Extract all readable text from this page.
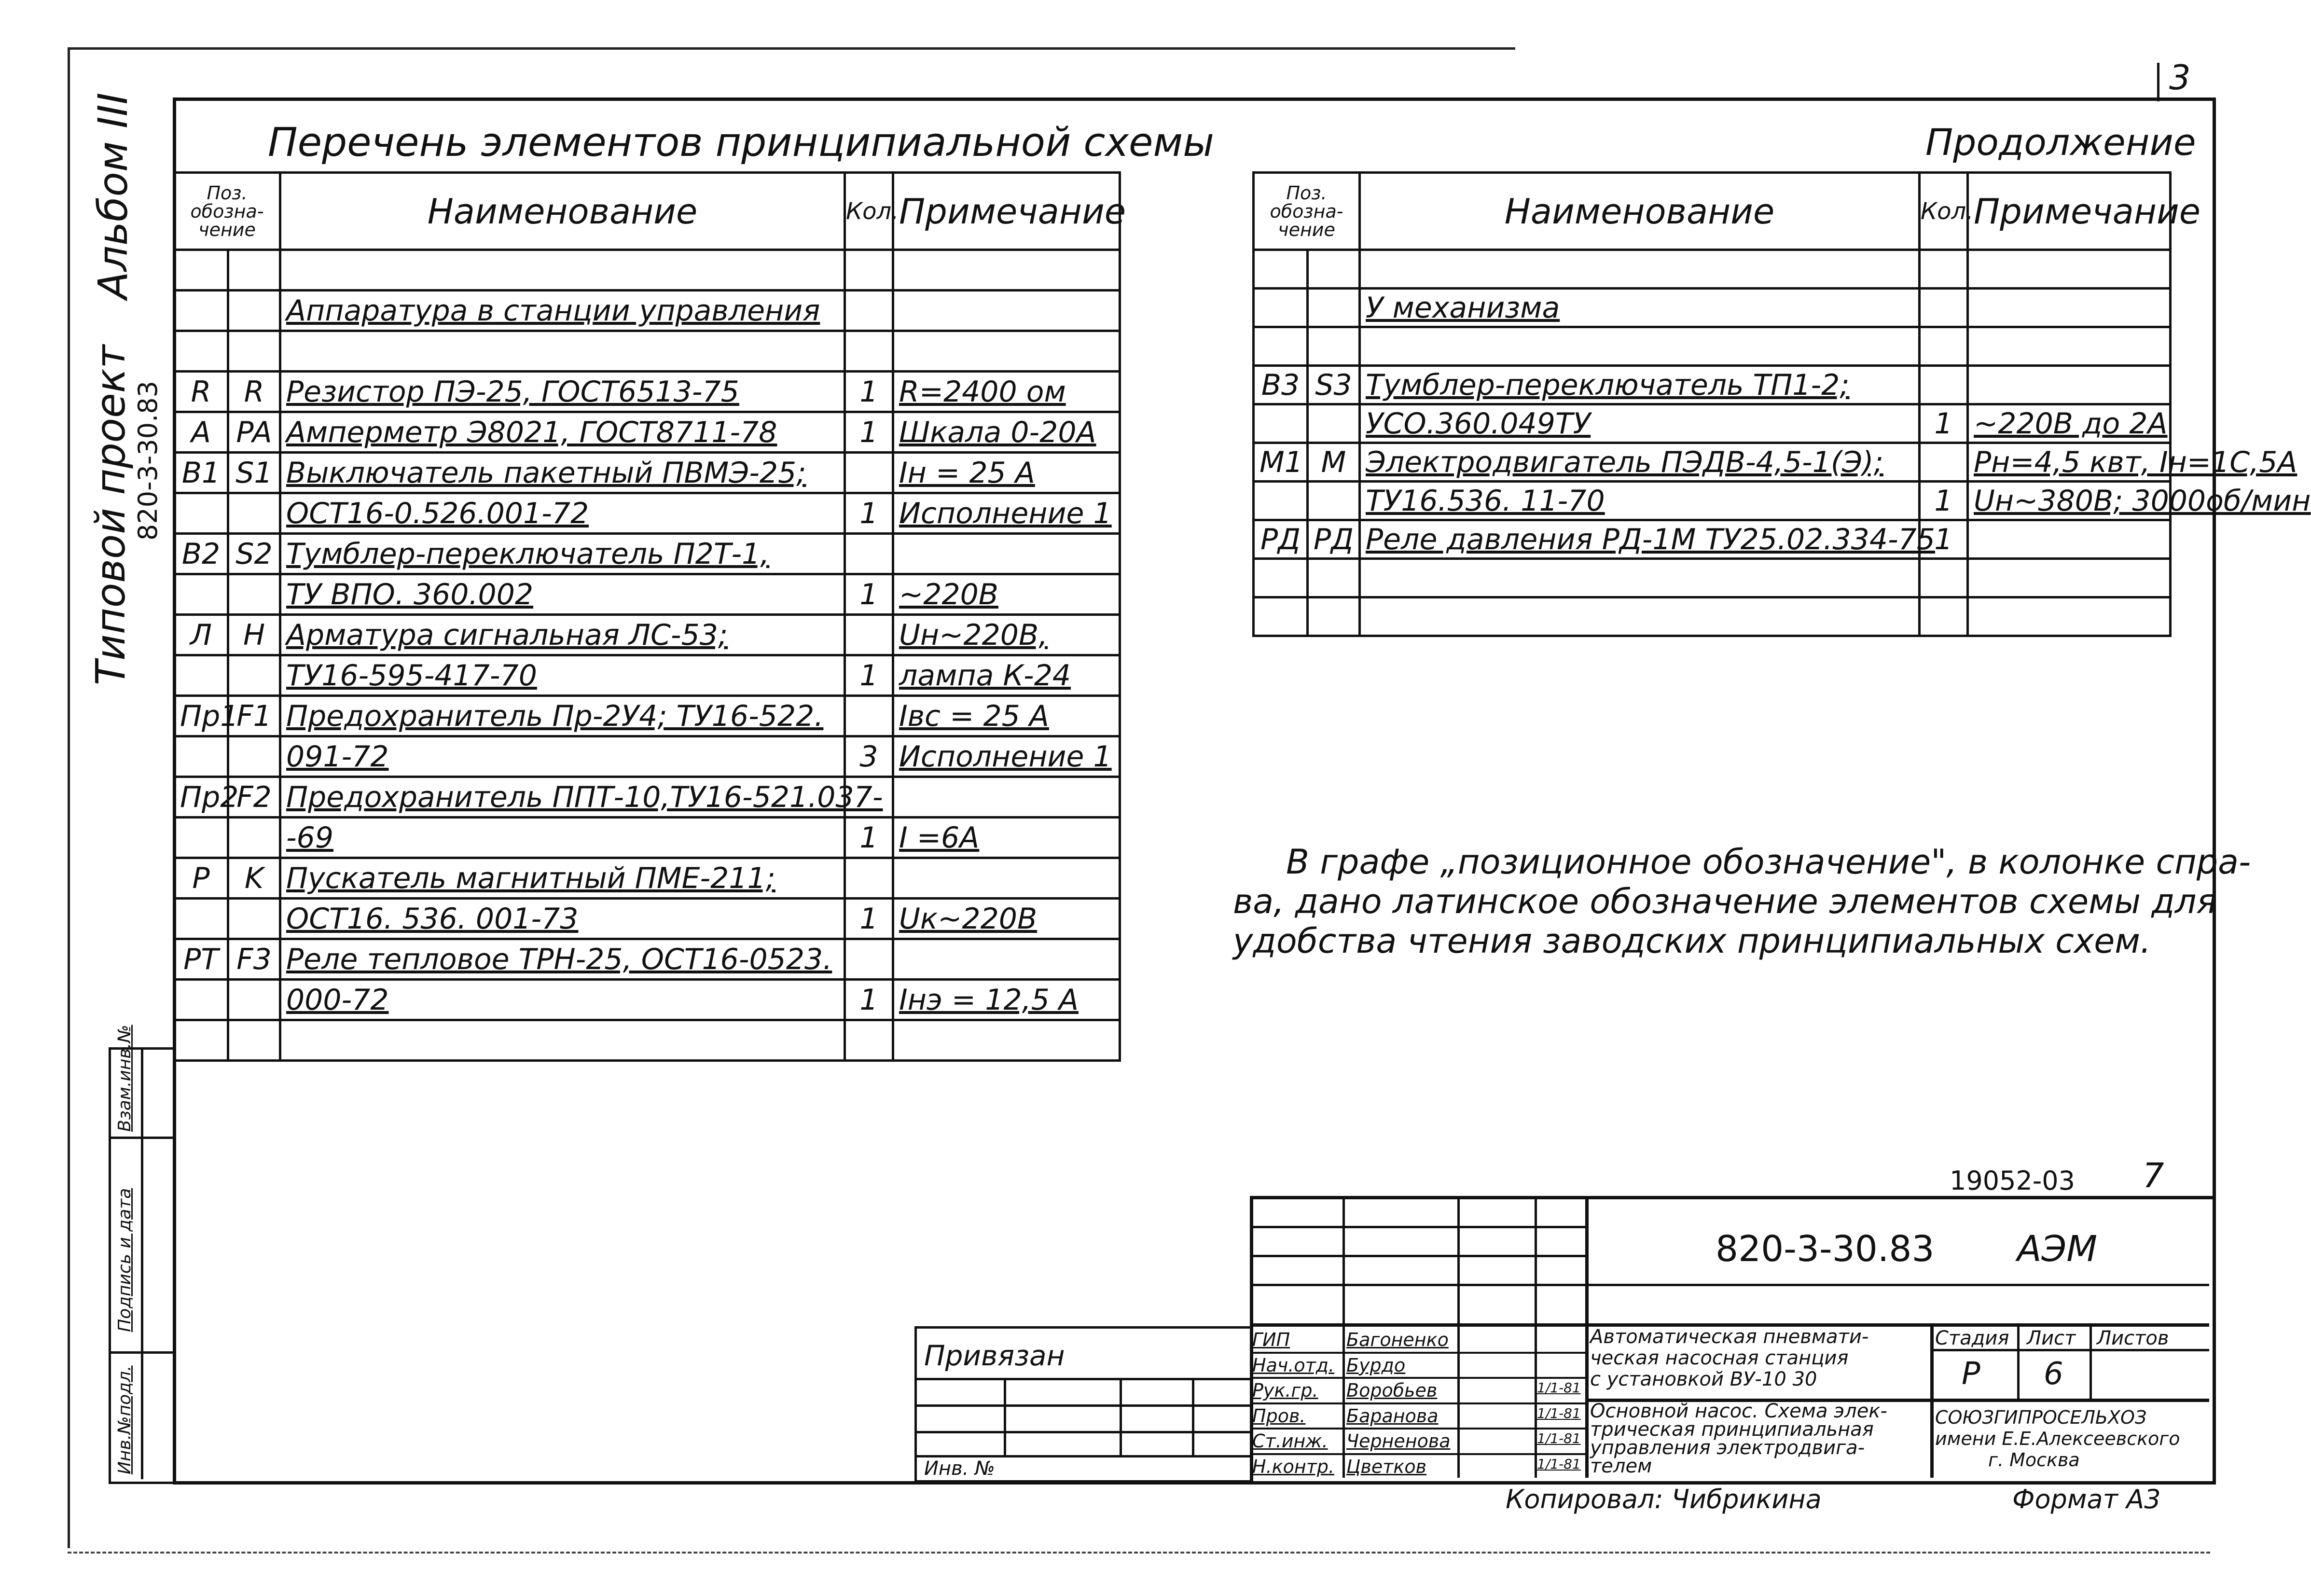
3
Альбом III
Типовой проект
820-3-30.83
Инв.№подл.
Подпись и дата
Взам.инв.№
Перечень элементов принципиальной схемы
Поз. обозна- чение		Наименование	Кол.	Примечание

		Аппаратура в станции управления		

R	R	Резистор ПЭ-25, ГОСТ6513-75	1	R=2400 ом
А	PA	Амперметр Э8021, ГОСТ8711-78	1	Шкала 0-20А
В1	S1	Выключатель пакетный ПВМЭ-25;		Iн = 25 А
		ОСТ16-0.526.001-72	1	Исполнение 1
В2	S2	Тумблер-переключатель П2Т-1,		
		ТУ ВПО. 360.002	1	~220В
Л	H	Арматура сигнальная ЛС-53;		Uн~220В,
		ТУ16-595-417-70	1	лампа К-24
Пр1	F1	Предохранитель Пр-2У4; ТУ16-522.		Iвс = 25 А
		091-72	3	Исполнение 1
Пр2	F2	Предохранитель ППТ-10,ТУ16-521.037-		
		-69	1	I =6А
Р	K	Пускатель магнитный ПМЕ-211;		
		ОСТ16. 536. 001-73	1	Uк~220В
РТ	F3	Реле тепловое ТРН-25, ОСТ16-0523.		
		000-72	1	Iнэ = 12,5 А

Продолжение
Поз. обозна- чение		Наименование	Кол.	Примечание

		У механизма		

В3	S3	Тумблер-переключатель ТП1-2;		
		УСО.360.049ТУ	1	~220В до 2А
М1	M	Электродвигатель ПЭДВ-4,5-1(Э);		Pн=4,5 квт, Iн=1С,5А
		ТУ16.536. 11-70	1	Uн~380В; 3000об/мин
РД	РД	Реле давления РД-1М ТУ25.02.334-75	1	

В графе „позиционное обозначение", в колонке спра-
ва, дано латинское обозначение элементов схемы для
удобства чтения заводских принципиальных схем.
19052-03 7
820-3-30.83 АЭМ
Привязан
Инв. №
ГИП	Багоненко
Нач.отд. Бурдо
Рук.гр.	Воробьев	1/1-81
Пров.	Баранова	1/1-81
Ст.инж.	Черненова	1/1-81
Н.контр. Цветков	1/1-81
Автоматическая пневмати-
ческая насосная станция
с установкой ВУ-10 30
Основной насос. Схема элек-
трическая принципиальная
управления электродвига-
телем
Стадия Лист Листов
Р 6
СОЮЗГИПРОСЕЛЬХОЗ
имени Е.Е.Алексеевского
г. Москва
Копировал: Чибрикина	Формат А3
